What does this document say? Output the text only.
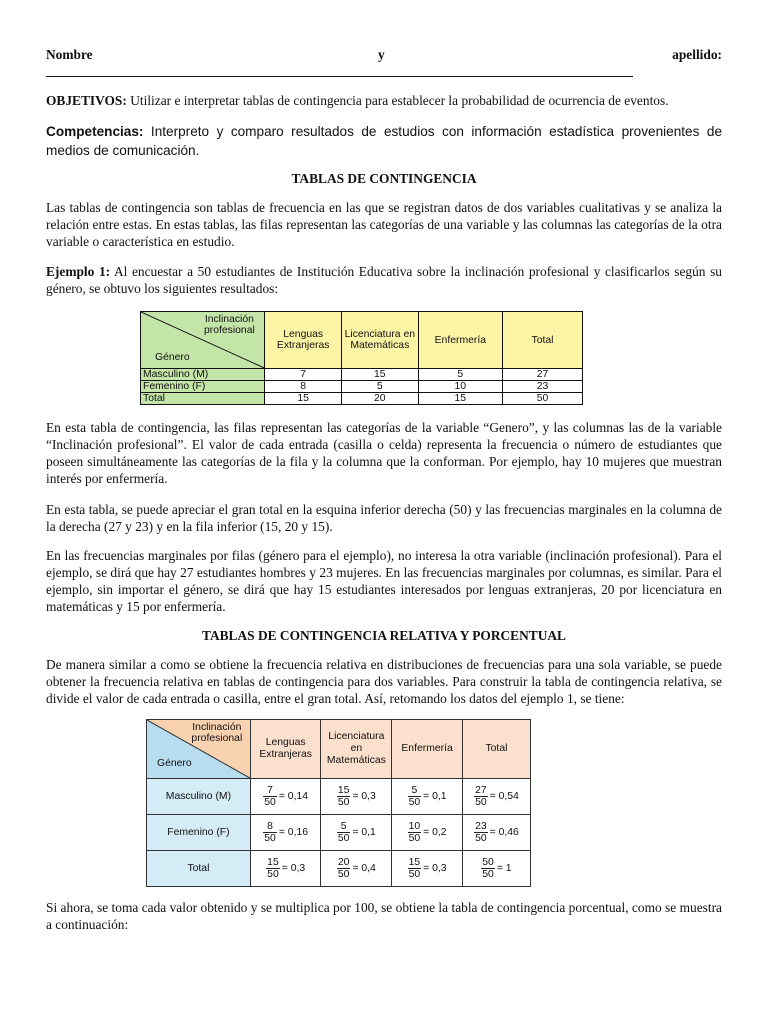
Nombre	y	apellido:

OBJETIVOS: Utilizar e interpretar tablas de contingencia para establecer la probabilidad de ocurrencia de eventos.

Competencias: Interpreto y comparo resultados de estudios con información estadística provenientes de medios de comunicación.

TABLAS DE CONTINGENCIA

Las tablas de contingencia son tablas de frecuencia en las que se registran datos de dos variables cualitativas y se analiza la relación entre estas. En estas tablas, las filas representan las categorías de una variable y las columnas las categorías de la otra variable o característica en estudio.

Ejemplo 1: Al encuestar a 50 estudiantes de Institución Educativa sobre la inclinación profesional y clasificarlos según su género, se obtuvo los siguientes resultados:

En esta tabla de contingencia, las filas representan las categorías de la variable “Genero”, y las columnas las de la variable “Inclinación profesional”. El valor de cada entrada (casilla o celda) representa la frecuencia o número de estudiantes que poseen simultáneamente las categorías de la fila y la columna que la conforman. Por ejemplo, hay 10 mujeres que muestran interés por enfermería.

En esta tabla, se puede apreciar el gran total en la esquina inferior derecha (50) y las frecuencias marginales en la columna de la derecha (27 y 23) y en la fila inferior (15, 20 y 15).

En las frecuencias marginales por filas (género para el ejemplo), no interesa la otra variable (inclinación profesional). Para el ejemplo, se dirá que hay 27 estudiantes hombres y 23 mujeres. En las frecuencias marginales por columnas, es similar. Para el ejemplo, sin importar el género, se dirá que hay 15 estudiantes interesados por lenguas extranjeras, 20 por licenciatura en matemáticas y 15 por enfermería.

TABLAS DE CONTINGENCIA RELATIVA Y PORCENTUAL

De manera similar a como se obtiene la frecuencia relativa en distribuciones de frecuencias para una sola variable, se puede obtener la frecuencia relativa en tablas de contingencia para dos variables. Para construir la tabla de contingencia relativa, se divide el valor de cada entrada o casilla, entre el gran total. Así, retomando los datos del ejemplo 1, se tiene:

Si ahora, se toma cada valor obtenido y se multiplica por 100, se obtiene la tabla de contingencia porcentual, como se muestra a continuación:

Inclinación profesional
Género	Lenguas Extranjeras	Licenciatura en Matemáticas	Enfermería	Total
Masculino (M)	7	15	5	27
Femenino (F)	8	5	10	23
Total	15	20	15	50
Inclinación profesional
Género	Lenguas Extranjeras	Licenciatura en Matemáticas	Enfermería	Total
Masculino (M)	$\frac{7}{50} = 0,14$	$\frac{15}{50} = 0,3$	$\frac{5}{50} = 0,1$	$\frac{27}{50} = 0,54$
Femenino (F)	$\frac{8}{50} = 0,16$	$\frac{5}{50} = 0,1$	$\frac{10}{50} = 0,2$	$\frac{23}{50} = 0,46$
Total	$\frac{15}{50} = 0,3$	$\frac{20}{50} = 0,4$	$\frac{15}{50} = 0,3$	$\frac{50}{50} = 1$
